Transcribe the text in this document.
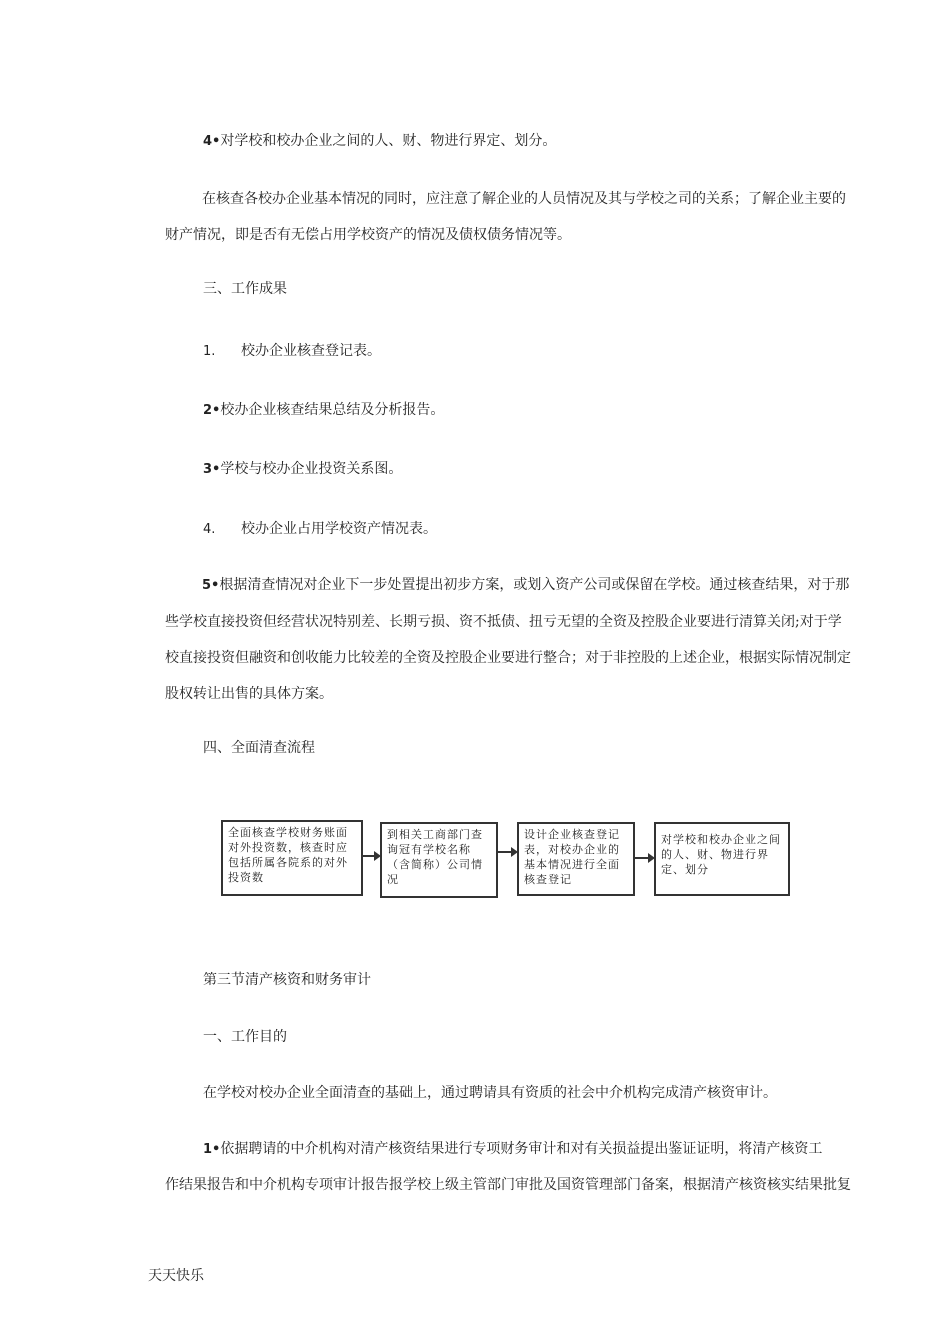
4•对学校和校办企业之间的人、财、物进行界定、划分。
在核查各校办企业基本情况的同时，应注意了解企业的人员情况及其与学校之司的关系；了解企业主要的
财产情况，即是否有无偿占用学校资产的情况及债权债务情况等。
三、工作成果
1. 校办企业核查登记表。
2•校办企业核查结果总结及分析报告。
3•学校与校办企业投资关系图。
4. 校办企业占用学校资产情况表。
5•根据清查情况对企业下一步处置提出初步方案，或划入资产公司或保留在学校。通过核查结果，对于那
些学校直接投资但经营状况特别差、长期亏损、资不抵债、扭亏无望的全资及控股企业要进行清算关闭;对于学
校直接投资但融资和创收能力比较差的全资及控股企业要进行整合；对于非控股的上述企业，根据实际情况制定
股权转让出售的具体方案。
四、全面清查流程
全面核查学校财务账面对外投资数，核查时应包括所属各院系的对外投资数
到相关工商部门查询冠有学校名称（含简称）公司情况
设计企业核查登记表，对校办企业的基本情况进行全面核查登记
对学校和校办企业之间的人、财、物进行界定、划分
第三节清产核资和财务审计
一、工作目的
在学校对校办企业全面清查的基础上，通过聘请具有资质的社会中介机构完成清产核资审计。
1•依据聘请的中介机构对清产核资结果进行专项财务审计和对有关损益提出鉴证证明，将清产核资工
作结果报告和中介机构专项审计报告报学校上级主管部门审批及国资管理部门备案，根据清产核资核实结果批复
天天快乐
